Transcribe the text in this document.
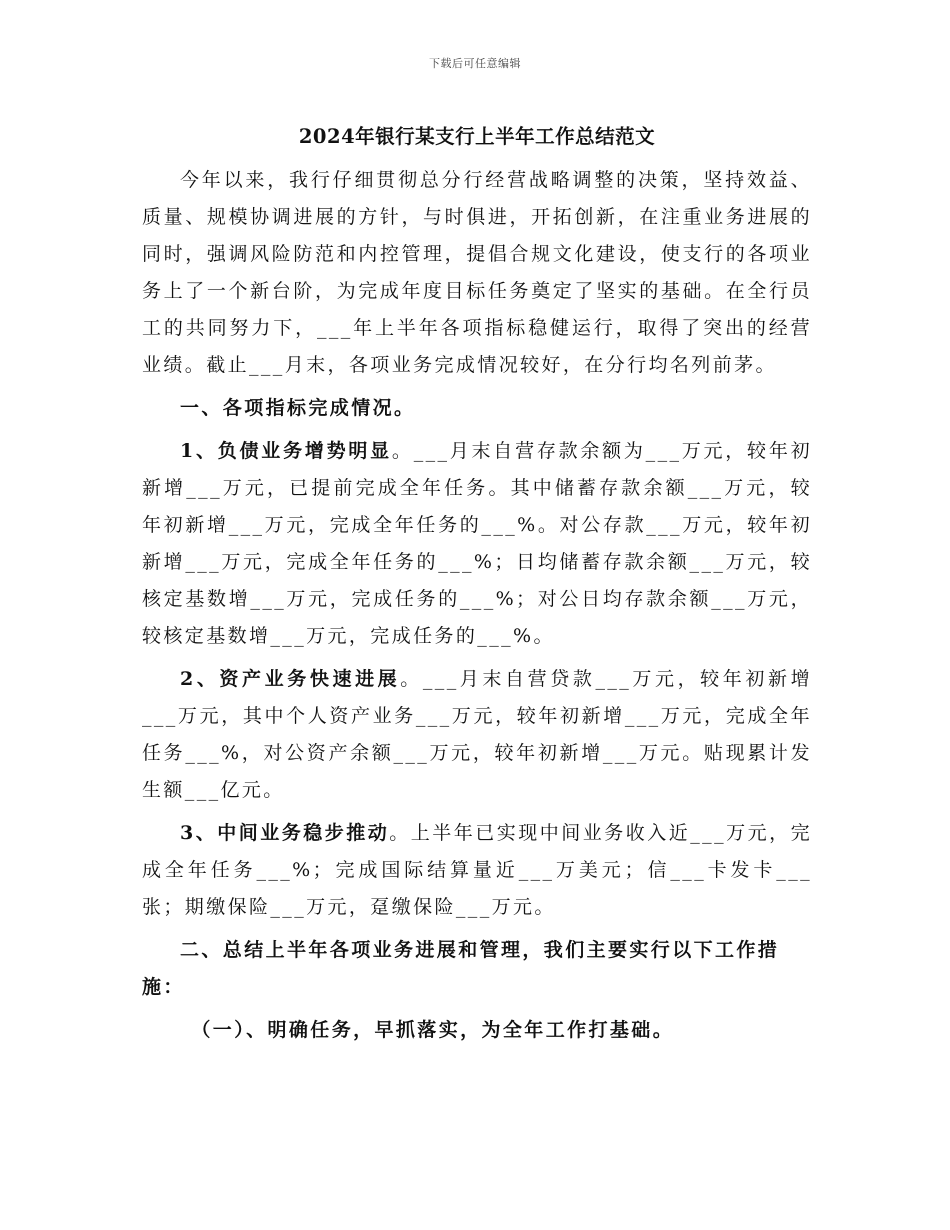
下载后可任意编辑
2024年银行某支行上半年工作总结范文

今年以来，我行仔细贯彻总分行经营战略调整的决策，坚持效益、质量、规模协调进展的方针，与时俱进，开拓创新，在注重业务进展的同时，强调风险防范和内控管理，提倡合规文化建设，使支行的各项业务上了一个新台阶，为完成年度目标任务奠定了坚实的基础。在全行员工的共同努力下，___年上半年各项指标稳健运行，取得了突出的经营业绩。截止___月末，各项业务完成情况较好，在分行均名列前茅。

一、各项指标完成情况。

1、负债业务增势明显。___月末自营存款余额为___万元，较年初新增___万元，已提前完成全年任务。其中储蓄存款余额___万元，较年初新增___万元，完成全年任务的___%。对公存款___万元，较年初新增___万元，完成全年任务的___%；日均储蓄存款余额___万元，较核定基数增___万元，完成任务的___%；对公日均存款余额___万元，较核定基数增___万元，完成任务的___%。

2、资产业务快速进展。___月末自营贷款___万元，较年初新增___万元，其中个人资产业务___万元，较年初新增___万元，完成全年任务___%，对公资产余额___万元，较年初新增___万元。贴现累计发生额___亿元。

3、中间业务稳步推动。上半年已实现中间业务收入近___万元，完成全年任务___%；完成国际结算量近___万美元；信___卡发卡___张；期缴保险___万元，趸缴保险___万元。

二、总结上半年各项业务进展和管理，我们主要实行以下工作措施：

（一）、明确任务，早抓落实，为全年工作打基础。
